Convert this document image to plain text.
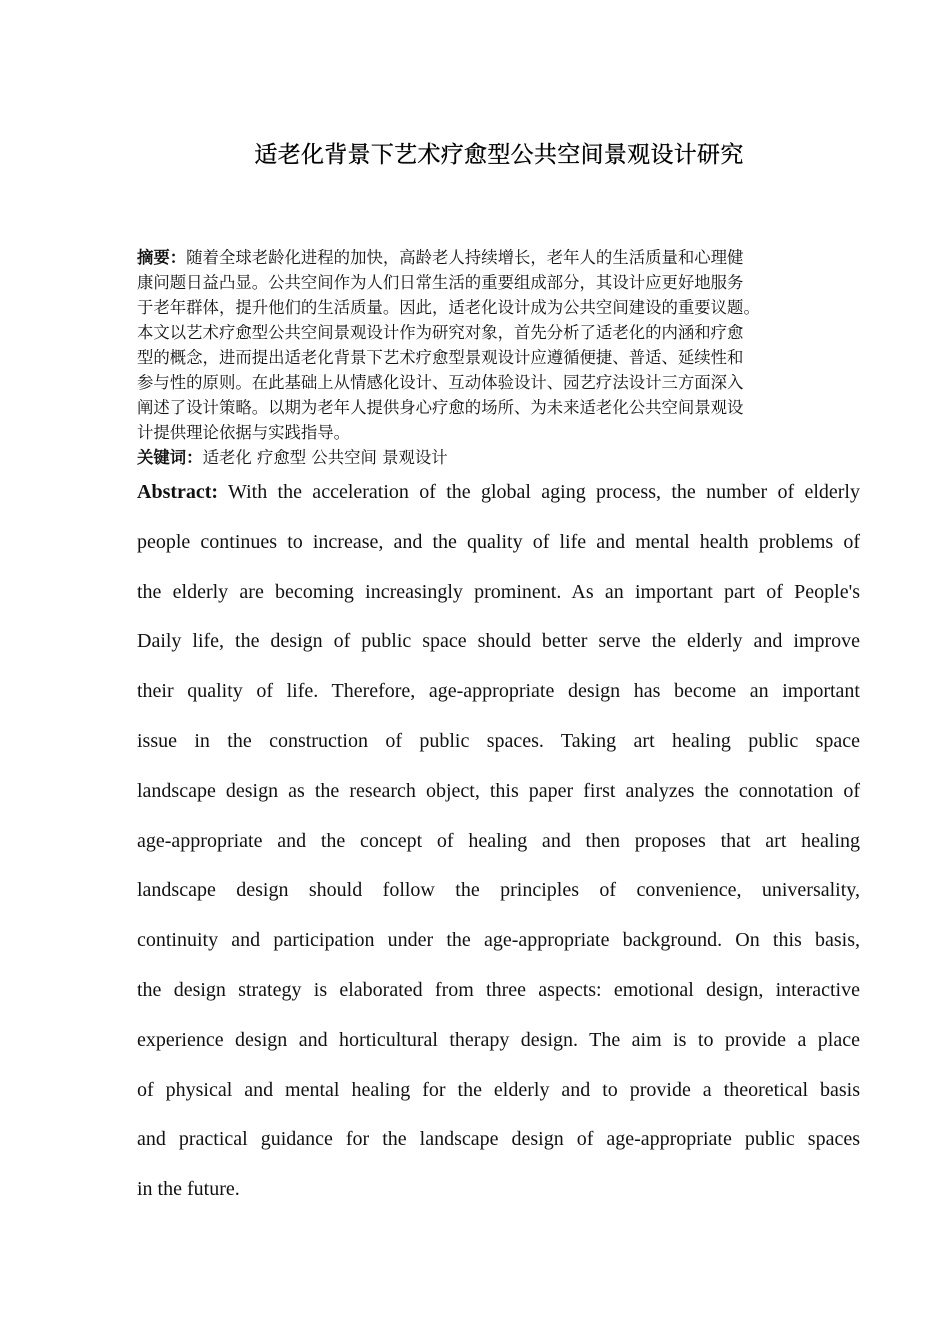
适老化背景下艺术疗愈型公共空间景观设计研究
摘要：随着全球老龄化进程的加快，高龄老人持续增长，老年人的生活质量和心理健
康问题日益凸显。公共空间作为人们日常生活的重要组成部分，其设计应更好地服务
于老年群体，提升他们的生活质量。因此，适老化设计成为公共空间建设的重要议题。
本文以艺术疗愈型公共空间景观设计作为研究对象，首先分析了适老化的内涵和疗愈
型的概念，进而提出适老化背景下艺术疗愈型景观设计应遵循便捷、普适、延续性和
参与性的原则。在此基础上从情感化设计、互动体验设计、园艺疗法设计三方面深入
阐述了设计策略。以期为老年人提供身心疗愈的场所、为未来适老化公共空间景观设
计提供理论依据与实践指导。
关键词：适老化 疗愈型 公共空间 景观设计
Abstract: With the acceleration of the global aging process, the number of elderly
people continues to increase, and the quality of life and mental health problems of
the elderly are becoming increasingly prominent. As an important part of People's
Daily life, the design of public space should better serve the elderly and improve
their quality of life. Therefore, age-appropriate design has become an important
issue in the construction of public spaces. Taking art healing public space
landscape design as the research object, this paper first analyzes the connotation of
age-appropriate and the concept of healing and then proposes that art healing
landscape design should follow the principles of convenience, universality,
continuity and participation under the age-appropriate background. On this basis,
the design strategy is elaborated from three aspects: emotional design, interactive
experience design and horticultural therapy design. The aim is to provide a place
of physical and mental healing for the elderly and to provide a theoretical basis
and practical guidance for the landscape design of age-appropriate public spaces
in the future.
